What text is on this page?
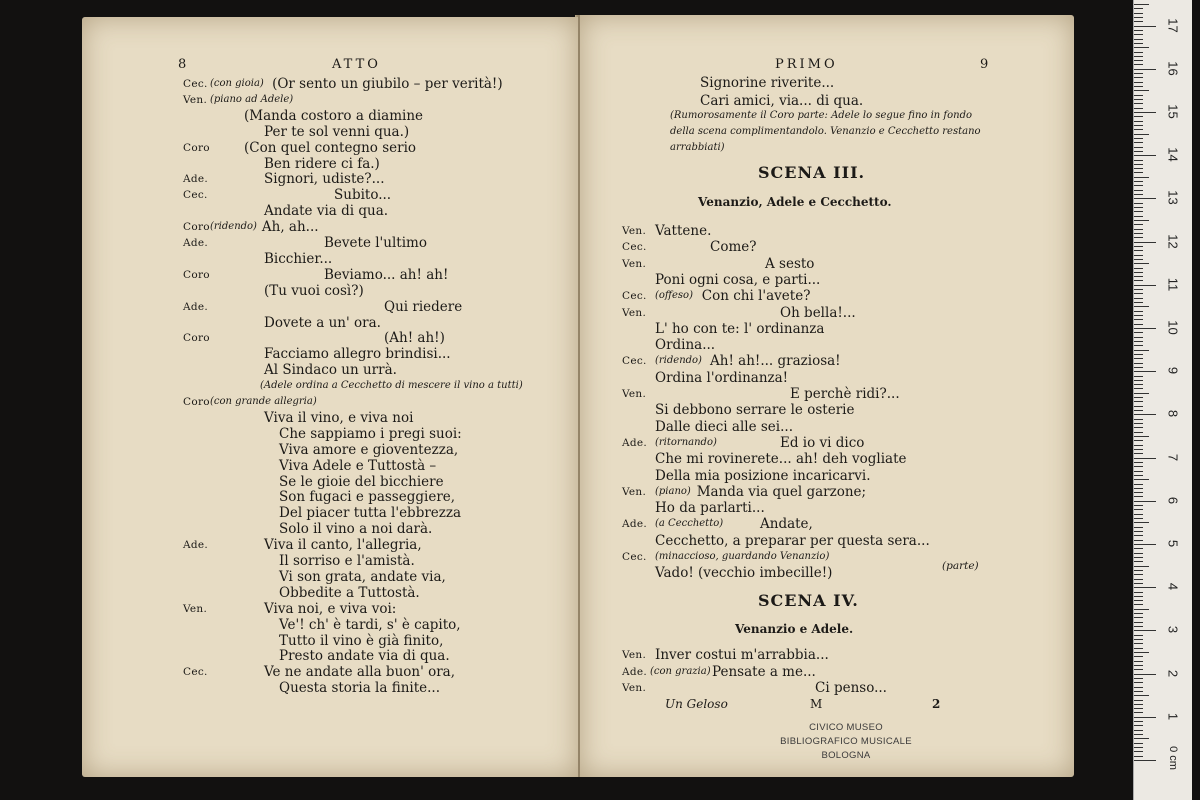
8	ATTO
Cec. (con gioia) (Or sento un giubilo – per verità!)
Ven. (piano ad Adele)
(Manda costoro a diamine
Per te sol venni qua.)
Coro	(Con quel contegno serio
Ben ridere ci fa.)
Ade.	Signori, udiste?...
Cec.	Subito...
Andate via di qua.
Coro (ridendo) Ah, ah...
Ade.	Bevete l'ultimo
Bicchier...
Coro	Beviamo... ah! ah!
(Tu vuoi così?)
Ade.	Qui riedere
Dovete a un' ora.
Coro	(Ah! ah!)
Facciamo allegro brindisi...
Al Sindaco un urrà.
(Adele ordina a Cecchetto di mescere il vino a tutti)
Coro (con grande allegria)
Viva il vino, e viva noi
Che sappiamo i pregi suoi:
Viva amore e gioventezza,
Viva Adele e Tuttostà –
Se le gioie del bicchiere
Son fugaci e passeggiere,
Del piacer tutta l'ebbrezza
Solo il vino a noi darà.
Ade.	Viva il canto, l'allegria,
Il sorriso e l'amistà.
Vi son grata, andate via,
Obbedite a Tuttostà.
Ven.	Viva noi, e viva voi:
Ve'! ch' è tardi, s' è capito,
Tutto il vino è già finito,
Presto andate via di qua.
Cec.	Ve ne andate alla buon' ora,
Questa storia la finite...
PRIMO	9
Signorine riverite...
Cari amici, via... di qua.
(Rumorosamente il Coro parte: Adele lo segue fino in fondo
della scena complimentandolo. Venanzio e Cecchetto restano
arrabbiati)
SCENA III.
Venanzio, Adele e Cecchetto.
Ven. Vattene.
Cec.	Come?
Ven.	A sesto
Poni ogni cosa, e parti...
Cec. (offeso) Con chi l'avete?
Ven.	Oh bella!...
L' ho con te: l' ordinanza
Ordina...
Cec. (ridendo) Ah! ah!... graziosa!
Ordina l'ordinanza!
Ven.	E perchè ridi?...
Si debbono serrare le osterie
Dalle dieci alle sei...
Ade. (ritornando)	Ed io vi dico
Che mi rovinerete... ah! deh vogliate
Della mia posizione incaricarvi.
Ven. (piano) Manda via quel garzone;
Ho da parlarti...
Ade. (a Cecchetto)	Andate,
Cecchetto, a preparar per questa sera...
Cec. (minaccioso, guardando Venanzio)
Vado! (vecchio imbecille!)	(parte)
SCENA IV.
Venanzio e Adele.
Ven. Inver costui m'arrabbia...
Ade. (con grazia) Pensate a me...
Ven.	Ci penso...
Un Geloso	M	2
CIVICO MUSEO
BIBLIOGRAFICO MUSICALE
BOLOGNA
1
2
3
4
5
6
7
8
9
10
11
12
13
14
15
16
17
0 cm
